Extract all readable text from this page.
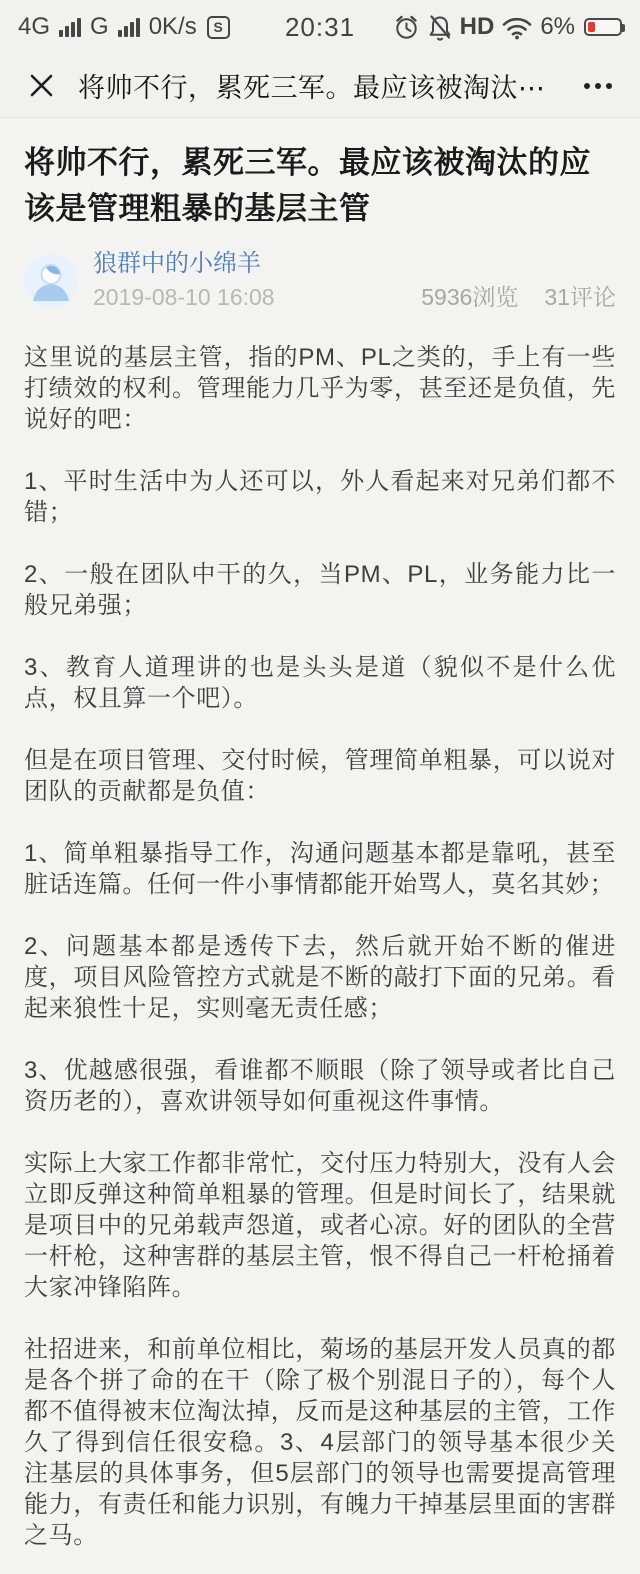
4G G 0K/s	S 20:31	HD 6%
将帅不行，累死三军。最应该被淘汰⋯
将帅不行，累死三军。最应该被淘汰的应该是管理粗暴的基层主管
狼群中的小绵羊
2019-08-10 16:08	5936浏览 31评论

这里说的基层主管，指的PM、PL之类的，手上有一些打绩效的权利。管理能力几乎为零，甚至还是负值，先说好的吧：

1、平时生活中为人还可以，外人看起来对兄弟们都不错；

2、一般在团队中干的久，当PM、PL，业务能力比一般兄弟强；

3、教育人道理讲的也是头头是道（貌似不是什么优点，权且算一个吧）。

但是在项目管理、交付时候，管理简单粗暴，可以说对团队的贡献都是负值：

1、简单粗暴指导工作，沟通问题基本都是靠吼，甚至脏话连篇。任何一件小事情都能开始骂人，莫名其妙；

2、问题基本都是透传下去，然后就开始不断的催进度，项目风险管控方式就是不断的敲打下面的兄弟。看起来狼性十足，实则毫无责任感；

3、优越感很强，看谁都不顺眼（除了领导或者比自己资历老的），喜欢讲领导如何重视这件事情。

实际上大家工作都非常忙，交付压力特别大，没有人会立即反弹这种简单粗暴的管理。但是时间长了，结果就是项目中的兄弟载声怨道，或者心凉。好的团队的全营一杆枪，这种害群的基层主管，恨不得自己一杆枪捅着大家冲锋陷阵。

社招进来，和前单位相比，菊场的基层开发人员真的都是各个拼了命的在干（除了极个别混日子的），每个人都不值得被末位淘汰掉，反而是这种基层的主管，工作久了得到信任很安稳。3、4层部门的领导基本很少关注基层的具体事务，但5层部门的领导也需要提高管理能力，有责任和能力识别，有魄力干掉基层里面的害群之马。
